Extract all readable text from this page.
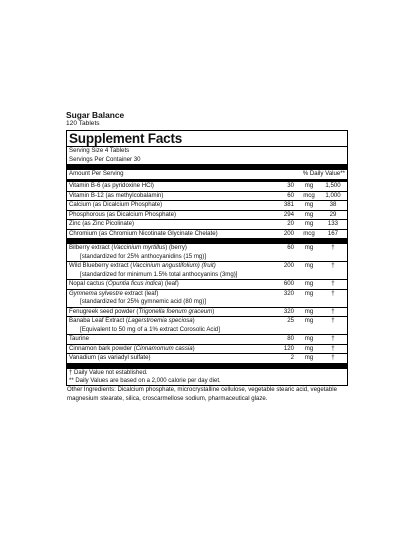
Sugar Balance
120 Tablets
Supplement Facts
Serving Size 4 Tablets
Servings Per Container 30
Amount Per Serving	% Daily Value**
Vitamin B-6 (as pyridoxine HCl)	30	mg	1,500
Vitamin B-12 (as methylcobalamin)	60	mcg	1,000
Calcium (as Dicalcium Phosphate)	381	mg	38
Phosphorous (as Dicalcium Phosphate)	294	mg	29
Zinc (as Zinc Picolinate)	20	mg	133
Chromium (as Chromium Nicotinate Glycinate Chelate)	200	mcg	167
Bilberry extract (Vaccinium myrtillus) (berry)	60	mg	†
[standardized for 25% anthocyanidins (15 mg)]
Wild Blueberry extract (Vaccinium angustifolium) (fruit)	200	mg	†
[standardized for minimum 1.5% total anthocyanins (3mg)]
Nopal cactus (Opuntia ficus indica) (leaf)	600	mg	†
Gymnema sylvestre extract (leaf)	320	mg	†
[standardized for 25% gymnemic acid (80 mg)]
Fenugreek seed powder (Trigonella foenum graceum)	320	mg	†
Banaba Leaf Extract (Lagerstroemia speciosa)	25	mg	†
[Equivalent to 50 mg of a 1% extract Corosolic Acid]
Taurine	80	mg	†
Cinnamon bark powder (Cinnamomum cassia)	120	mg	†
Vanadium (as variadyl sulfate)	2	mg	†
† Daily Value not established.
** Daily Values are based on a 2,000 calorie per day diet.
Other Ingredients: Dicalcium phosphate, microcrystalline cellulose, vegetable stearic acid, vegetable magnesium stearate, silica, croscarmellose sodium, pharmaceutical glaze.
